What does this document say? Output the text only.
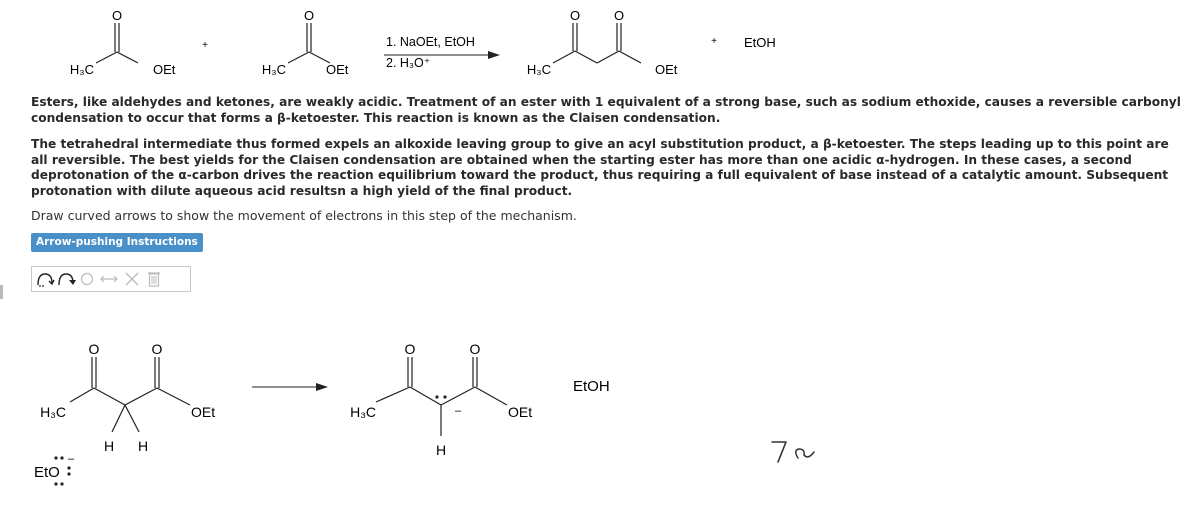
O
H₃C	OEt
+
O
H₃C	OEt
1. NaOEt, EtOH
2. H₃O⁺
O	O
H₃C	OEt
+ EtOH

Esters, like aldehydes and ketones, are weakly acidic. Treatment of an ester with 1 equivalent of a strong base, such as sodium ethoxide, causes a reversible carbonyl condensation to occur that forms a β-ketoester. This reaction is known as the Claisen condensation.

The tetrahedral intermediate thus formed expels an alkoxide leaving group to give an acyl substitution product, a β-ketoester. The steps leading up to this point are all reversible. The best yields for the Claisen condensation are obtained when the starting ester has more than one acidic α-hydrogen. In these cases, a second deprotonation of the α-carbon drives the reaction equilibrium toward the product, thus requiring a full equivalent of base instead of a catalytic amount. Subsequent protonation with dilute aqueous acid resultsn a high yield of the final product.

Draw curved arrows to show the movement of electrons in this step of the mechanism.

Arrow-pushing Instructions
O	O
H₃C	OEt
H H
EtO
–
O	O
H₃C	OEt
–
H
EtOH
